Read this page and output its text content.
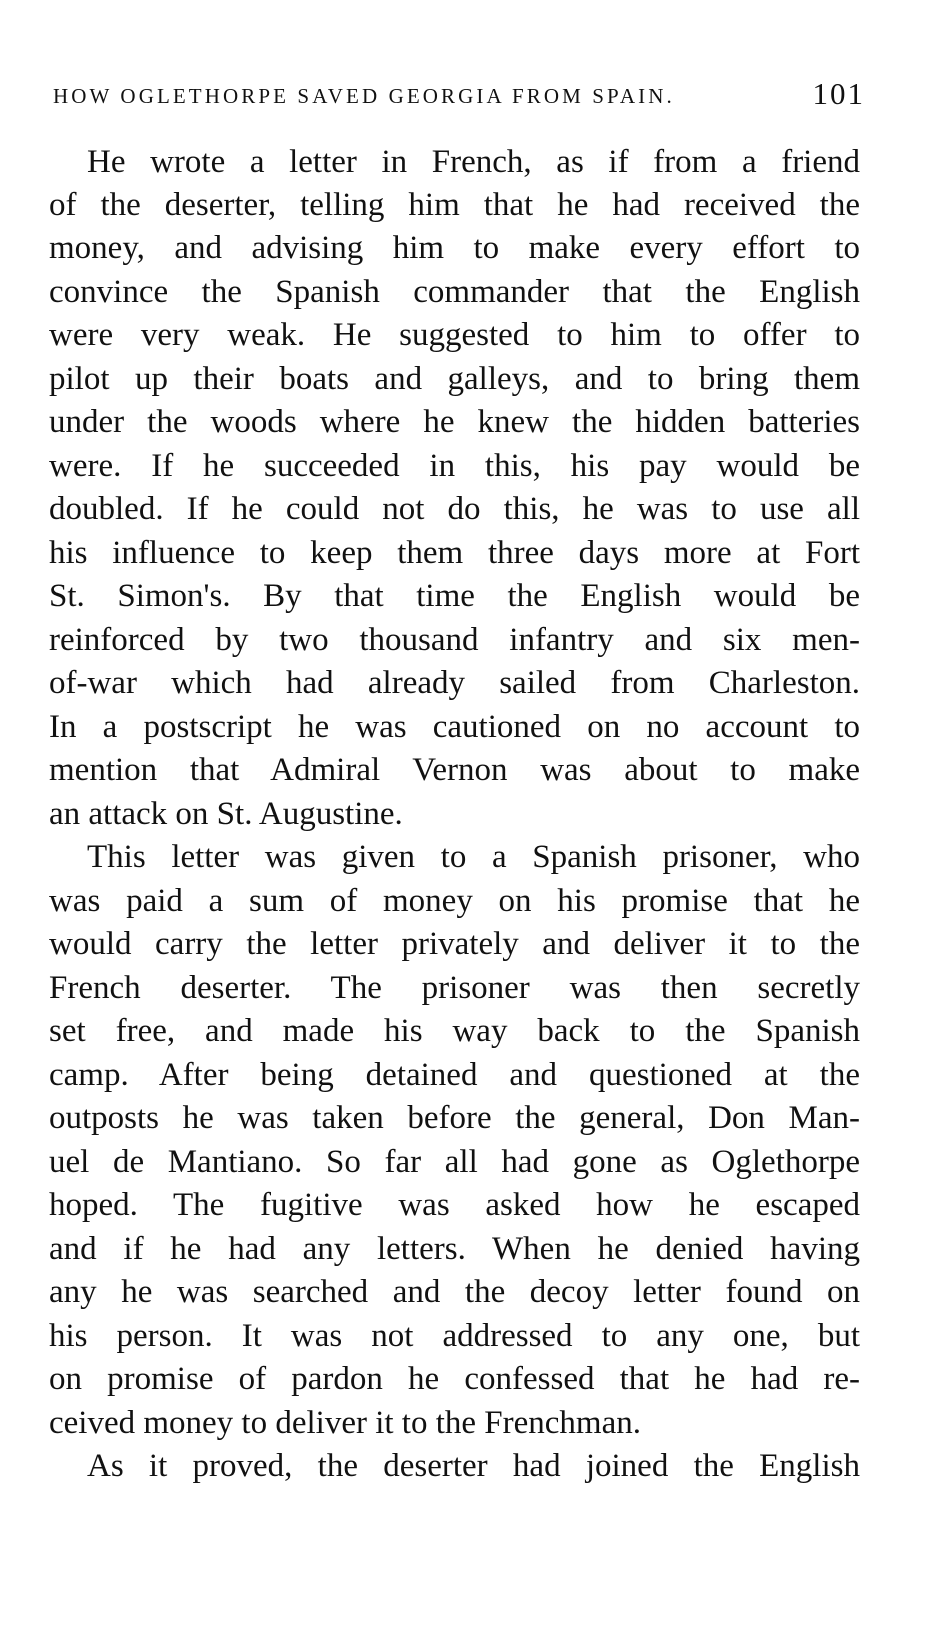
HOW OGLETHORPE SAVED GEORGIA FROM SPAIN.	101
He wrote a letter in French, as if from a friend
of the deserter, telling him that he had received the
money, and advising him to make every effort to
convince the Spanish commander that the English
were very weak. He suggested to him to offer to
pilot up their boats and galleys, and to bring them
under the woods where he knew the hidden batteries
were. If he succeeded in this, his pay would be
doubled. If he could not do this, he was to use all
his influence to keep them three days more at Fort
St. Simon's. By that time the English would be
reinforced by two thousand infantry and six men-
of-war which had already sailed from Charleston.
In a postscript he was cautioned on no account to
mention that Admiral Vernon was about to make
an attack on St. Augustine.
This letter was given to a Spanish prisoner, who
was paid a sum of money on his promise that he
would carry the letter privately and deliver it to the
French deserter. The prisoner was then secretly
set free, and made his way back to the Spanish
camp. After being detained and questioned at the
outposts he was taken before the general, Don Man-
uel de Mantiano. So far all had gone as Oglethorpe
hoped. The fugitive was asked how he escaped
and if he had any letters. When he denied having
any he was searched and the decoy letter found on
his person. It was not addressed to any one, but
on promise of pardon he confessed that he had re-
ceived money to deliver it to the Frenchman.
As it proved, the deserter had joined the English
